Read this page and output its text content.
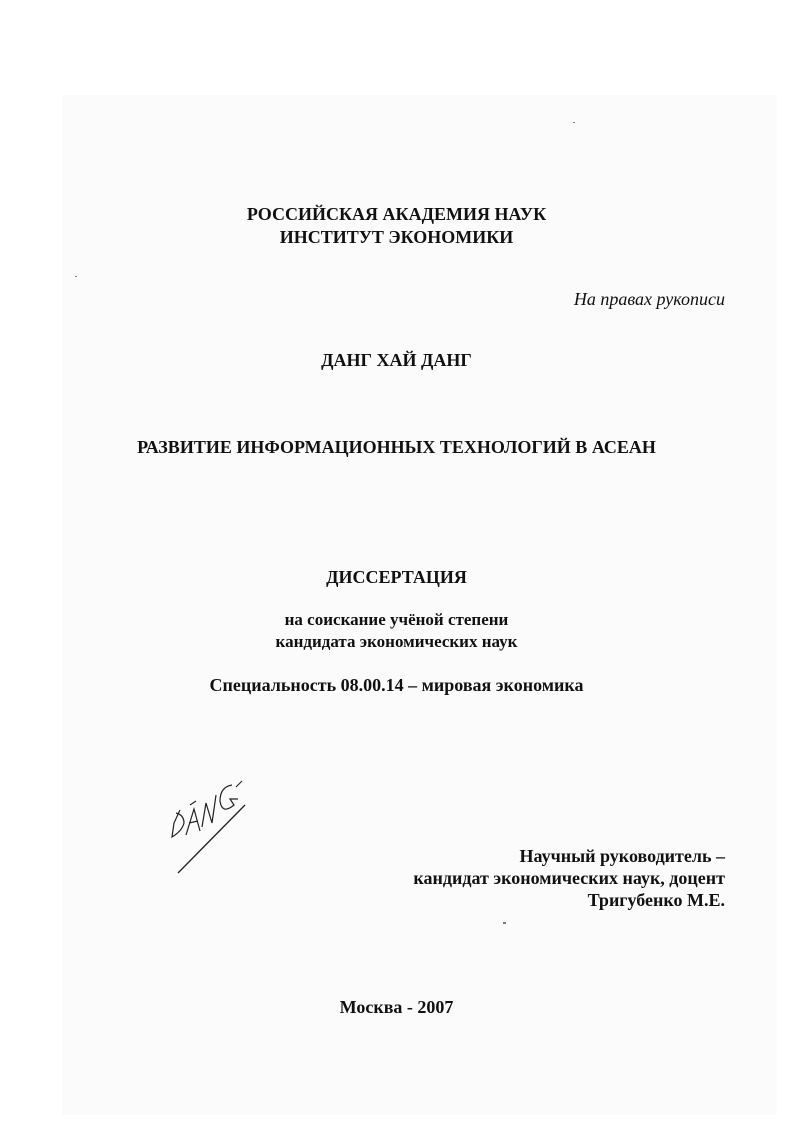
РОССИЙСКАЯ АКАДЕМИЯ НАУК
ИНСТИТУТ ЭКОНОМИКИ
На правах рукописи
ДАНГ ХАЙ ДАНГ
РАЗВИТИЕ ИНФОРМАЦИОННЫХ ТЕХНОЛОГИЙ В АСЕАН
ДИССЕРТАЦИЯ
на соискание учёной степени
кандидата экономических наук
Специальность 08.00.14 – мировая экономика
Научный руководитель –
кандидат экономических наук, доцент
Тригубенко М.Е.
Москва - 2007
